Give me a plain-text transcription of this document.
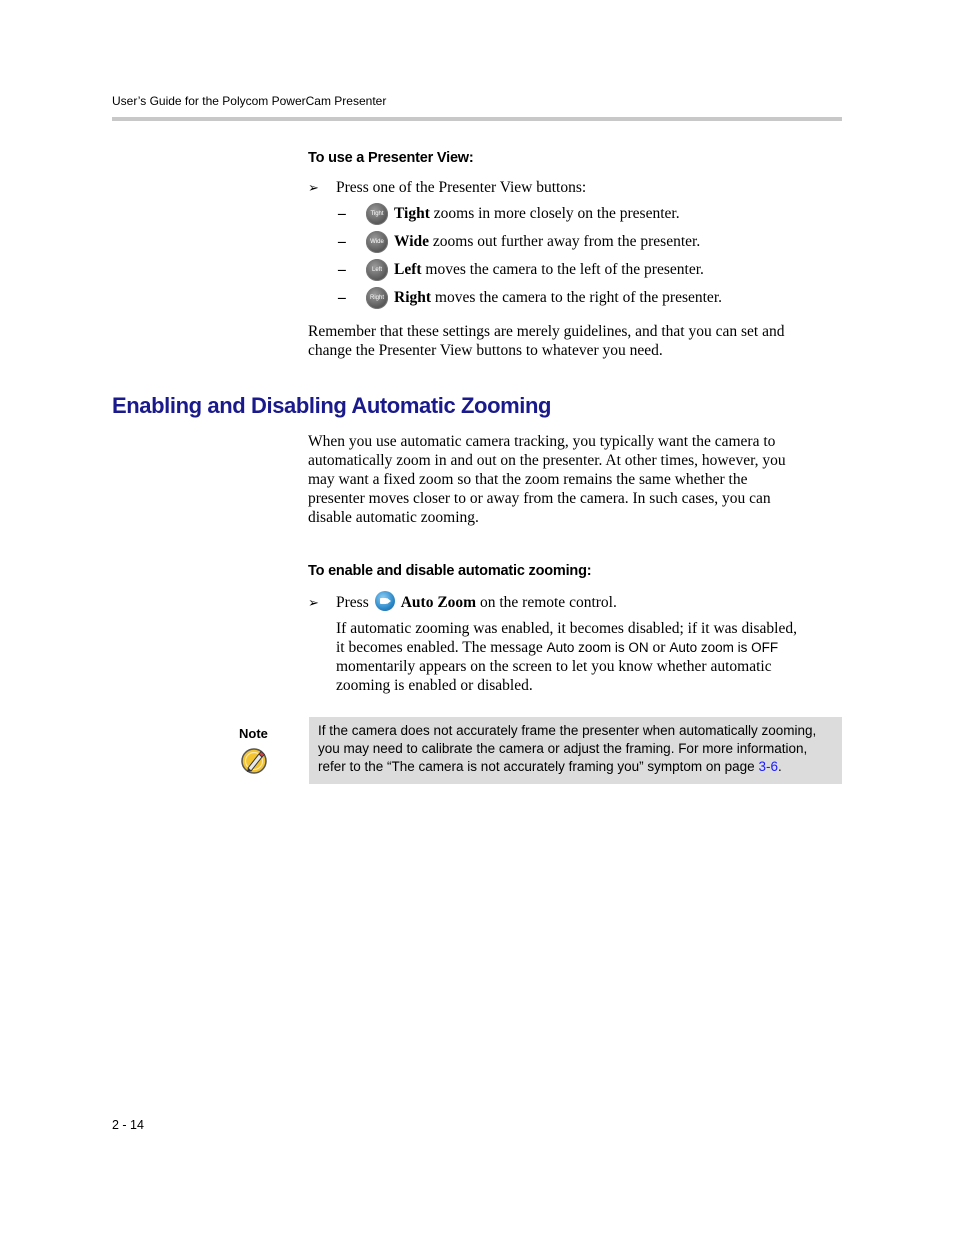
User’s Guide for the Polycom PowerCam Presenter
To use a Presenter View:
➢ Press one of the Presenter View buttons:
–	Tight Tight zooms in more closely on the presenter.
–	Wide Wide zooms out further away from the presenter.
–	Left Left moves the camera to the left of the presenter.
–	Right Right moves the camera to the right of the presenter.
Remember that these settings are merely guidelines, and that you can set and
change the Presenter View buttons to whatever you need.
Enabling and Disabling Automatic Zooming
When you use automatic camera tracking, you typically want the camera to
automatically zoom in and out on the presenter. At other times, however, you
may want a fixed zoom so that the zoom remains the same whether the
presenter moves closer to or away from the camera. In such cases, you can
disable automatic zooming.
To enable and disable automatic zooming:
➢ Press Auto Zoom on the remote control.
If automatic zooming was enabled, it becomes disabled; if it was disabled,
it becomes enabled. The message Auto zoom is ON or Auto zoom is OFF
momentarily appears on the screen to let you know whether automatic
zooming is enabled or disabled.
Note	If the camera does not accurately frame the presenter when automatically zooming,
you may need to calibrate the camera or adjust the framing. For more information,
refer to the “The camera is not accurately framing you” symptom on page 3-6.
2 - 14
